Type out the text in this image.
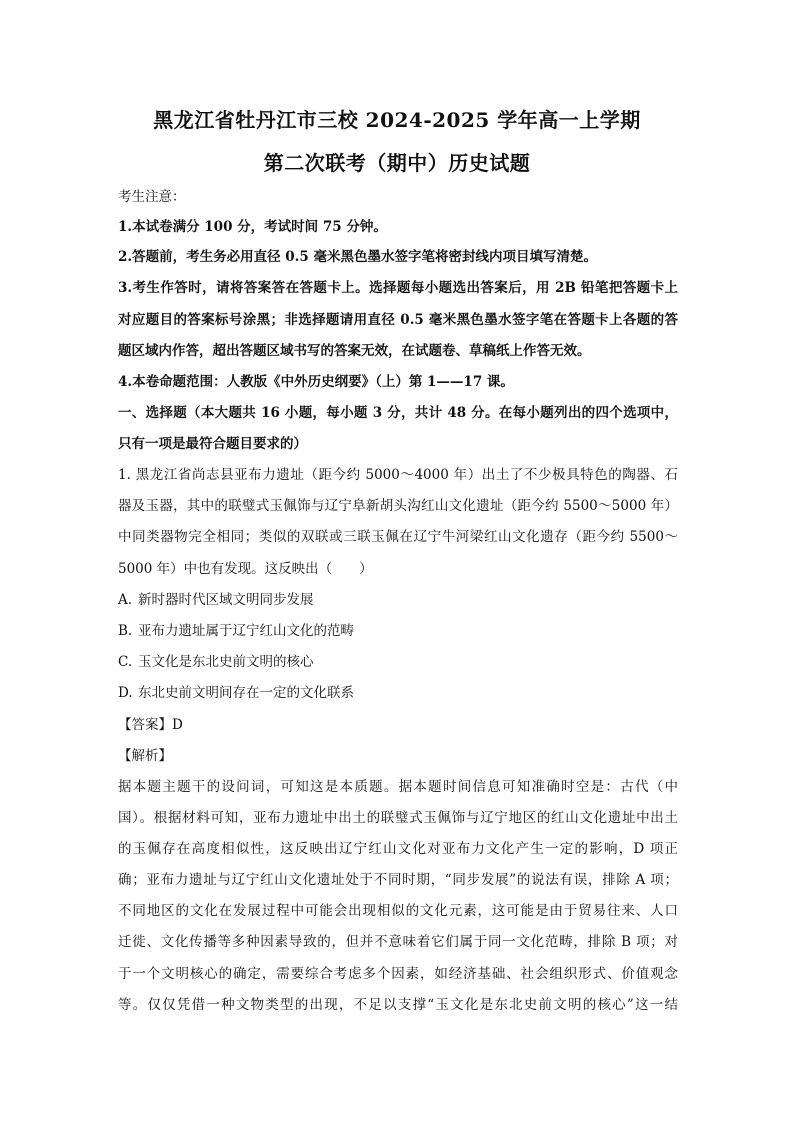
黑龙江省牡丹江市三校 2024-2025 学年高一上学期
第二次联考（期中）历史试题
考生注意：
1.本试卷满分 100 分，考试时间 75 分钟。
2.答题前，考生务必用直径 0.5 毫米黑色墨水签字笔将密封线内项目填写清楚。
3.考生作答时，请将答案答在答题卡上。选择题每小题选出答案后，用 2B 铅笔把答题卡上
对应题目的答案标号涂黑；非选择题请用直径 0.5 毫米黑色墨水签字笔在答题卡上各题的答
题区域内作答，超出答题区域书写的答案无效，在试题卷、草稿纸上作答无效。
4.本卷命题范围：人教版《中外历史纲要》（上）第 1——17 课。
一、选择题（本大题共 16 小题，每小题 3 分，共计 48 分。在每小题列出的四个选项中，
只有一项是最符合题目要求的）
1. 黑龙江省尚志县亚布力遗址（距今约 5000～4000 年）出土了不少极具特色的陶器、石
器及玉器，其中的联璧式玉佩饰与辽宁阜新胡头沟红山文化遗址（距今约 5500～5000 年）
中同类器物完全相同；类似的双联或三联玉佩在辽宁牛河梁红山文化遗存（距今约 5500～
5000 年）中也有发现。这反映出（　　）
A. 新时器时代区域文明同步发展
B. 亚布力遗址属于辽宁红山文化的范畴
C. 玉文化是东北史前文明的核心
D. 东北史前文明间存在一定的文化联系
【答案】D
【解析】
据本题主题干的设问词，可知这是本质题。据本题时间信息可知准确时空是：古代（中
国）。根据材料可知，亚布力遗址中出土的联璧式玉佩饰与辽宁地区的红山文化遗址中出土
的玉佩存在高度相似性，这反映出辽宁红山文化对亚布力文化产生一定的影响，D 项正
确；亚布力遗址与辽宁红山文化遗址处于不同时期，“同步发展”的说法有误，排除 A 项；
不同地区的文化在发展过程中可能会出现相似的文化元素，这可能是由于贸易往来、人口
迁徙、文化传播等多种因素导致的，但并不意味着它们属于同一文化范畴，排除 B 项；对
于一个文明核心的确定，需要综合考虑多个因素，如经济基础、社会组织形式、价值观念
等。仅仅凭借一种文物类型的出现，不足以支撑“玉文化是东北史前文明的核心”这一结
